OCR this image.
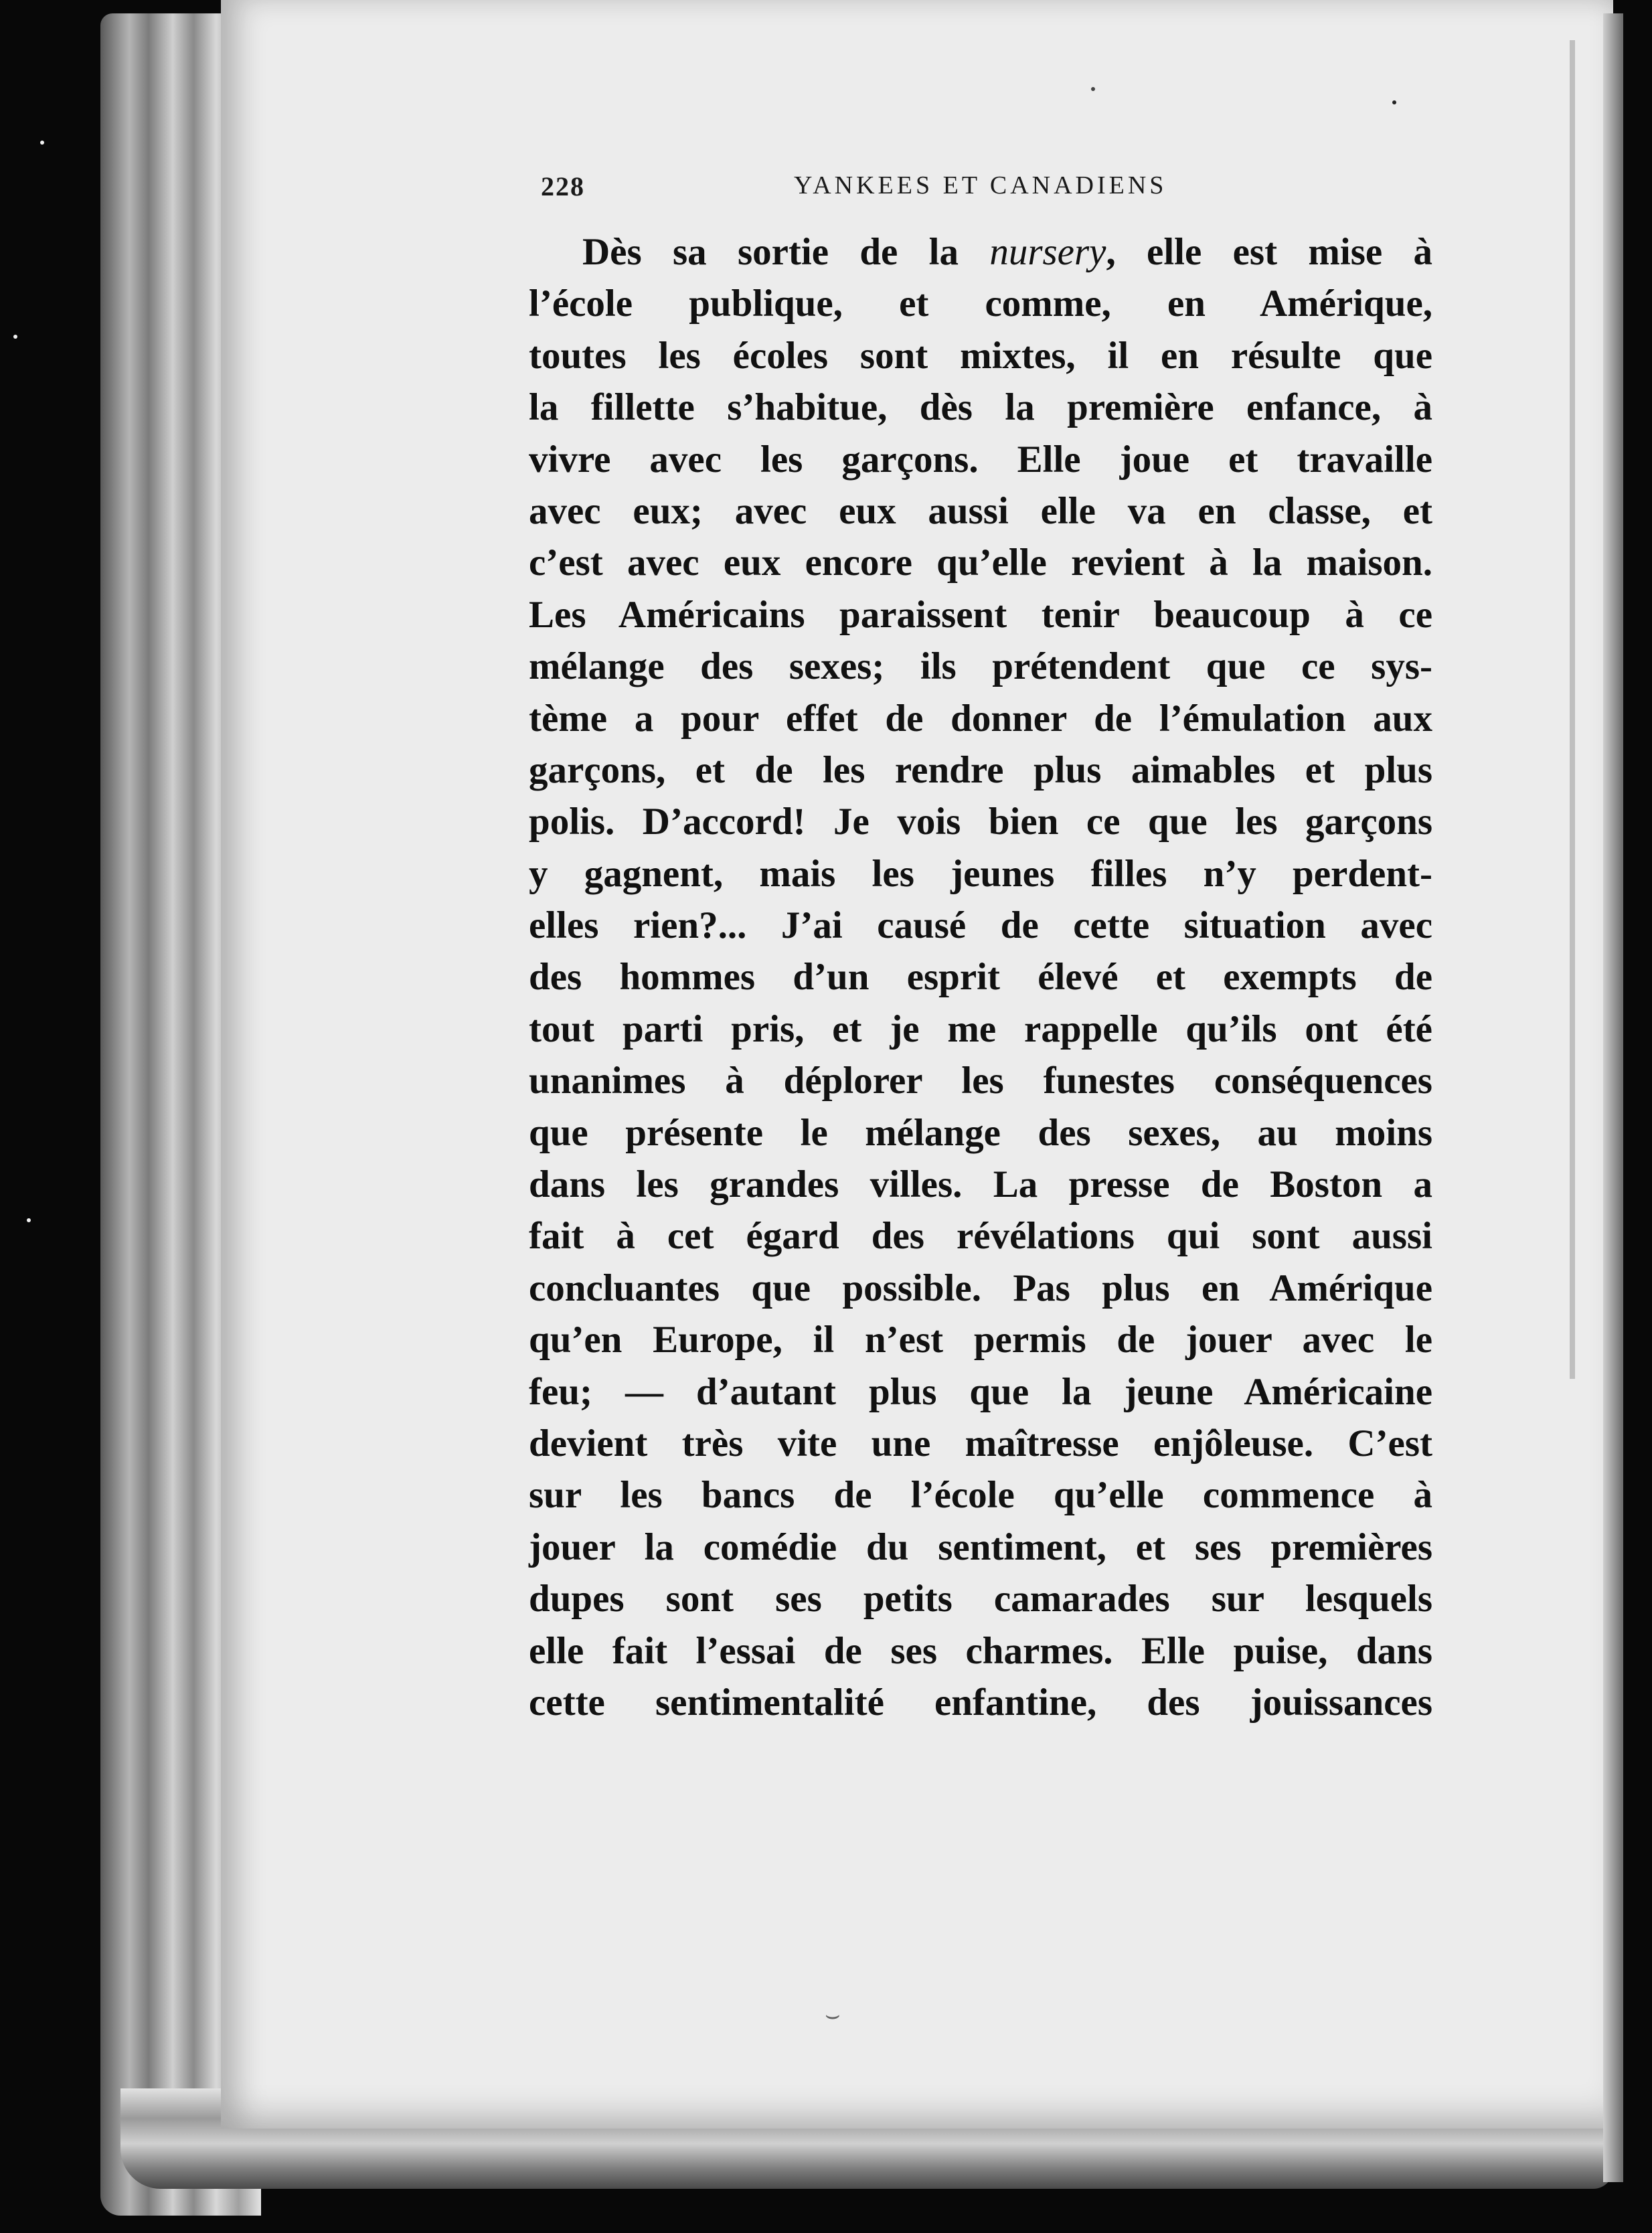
228	YANKEES ET CANADIENS
Dès sa sortie de la nursery, elle est mise à
l’école publique, et comme, en Amérique,
toutes les écoles sont mixtes, il en résulte que
la fillette s’habitue, dès la première enfance, à
vivre avec les garçons. Elle joue et travaille
avec eux; avec eux aussi elle va en classe, et
c’est avec eux encore qu’elle revient à la maison.
Les Américains paraissent tenir beaucoup à ce
mélange des sexes; ils prétendent que ce sys-
tème a pour effet de donner de l’émulation aux
garçons, et de les rendre plus aimables et plus
polis. D’accord! Je vois bien ce que les garçons
y gagnent, mais les jeunes filles n’y perdent-
elles rien?... J’ai causé de cette situation avec
des hommes d’un esprit élevé et exempts de
tout parti pris, et je me rappelle qu’ils ont été
unanimes à déplorer les funestes conséquences
que présente le mélange des sexes, au moins
dans les grandes villes. La presse de Boston a
fait à cet égard des révélations qui sont aussi
concluantes que possible. Pas plus en Amérique
qu’en Europe, il n’est permis de jouer avec le
feu; — d’autant plus que la jeune Américaine
devient très vite une maîtresse enjôleuse. C’est
sur les bancs de l’école qu’elle commence à
jouer la comédie du sentiment, et ses premières
dupes sont ses petits camarades sur lesquels
elle fait l’essai de ses charmes. Elle puise, dans
cette sentimentalité enfantine, des jouissances
⌣
